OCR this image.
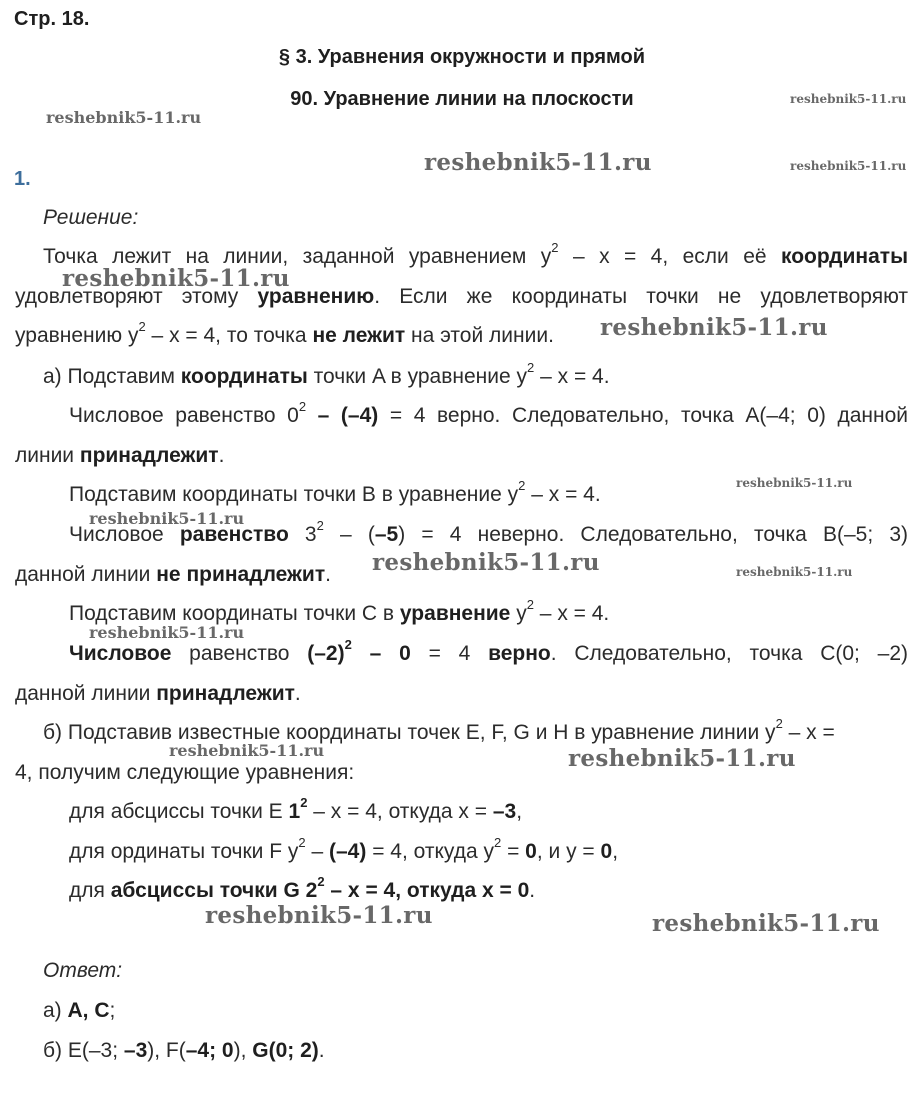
Стр. 18.
§ 3. Уравнения окружности и прямой
90. Уравнение линии на плоскости
1.
Решение:
Точка лежит на линии, заданной уравнением $y^2 - x = 4$, если её координаты
удовлетворяют этому уравнению. Если же координаты точки не удовлетворяют
уравнению $y^2 - x = 4$, то точка не лежит на этой линии.
а) Подставим координаты точки A в уравнение $y^2 - x = 4$.
Числовое равенство $0^2 - (-4) = 4$ верно. Следовательно, точка A(–4; 0) данной
линии принадлежит.
Подставим координаты точки B в уравнение $y^2 - x = 4$.
Числовое равенство $3^2 - (-5) = 4$ неверно. Следовательно, точка B(–5; 3)
данной линии не принадлежит.
Подставим координаты точки C в уравнение $y^2 - x = 4$.
Числовое равенство $(-2)^2 - 0 = 4$ верно. Следовательно, точка C(0; –2)
данной линии принадлежит.
б) Подставив известные координаты точек E, F, G и H в уравнение линии $y^2$ – x =
4, получим следующие уравнения:
для абсциссы точки E $1^2 - x = 4$, откуда x = –3,
для ординаты точки F $y^2 - (-4) = 4$, откуда $y^2 = 0$, и y = 0,
для абсциссы точки G $2^2 - x = 4$, откуда x = 0.
Ответ:
а) A, C;
б) E(–3; –3), F(–4; 0), G(0; 2).
reshebnik5-11.ru
reshebnik5-11.ru
reshebnik5-11.ru	reshebnik5-11.ru
reshebnik5-11.ru
reshebnik5-11.ru
reshebnik5-11.ru
reshebnik5-11.ru
reshebnik5-11.ru	reshebnik5-11.ru
reshebnik5-11.ru
reshebnik5-11.ru	reshebnik5-11.ru
reshebnik5-11.ru	reshebnik5-11.ru
